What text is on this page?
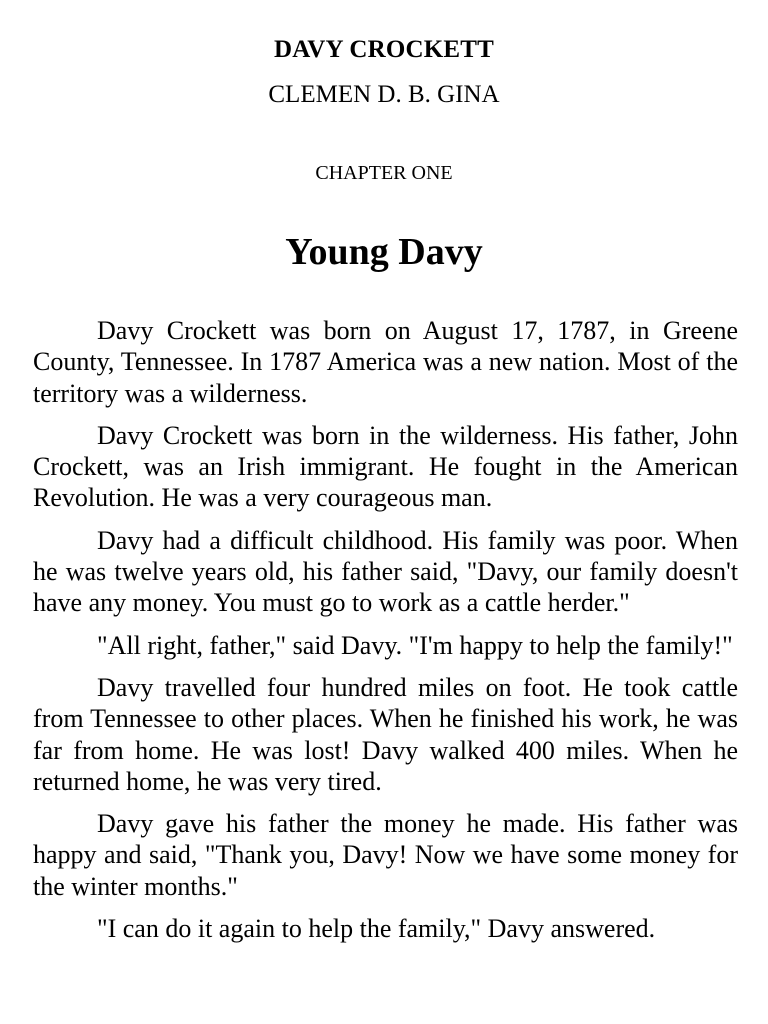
DAVY CROCKETT

CLEMEN D. B. GINA

CHAPTER ONE

Young Davy

Davy Crockett was born on August 17, 1787, in Greene County, Tennessee. In 1787 America was a new nation. Most of the territory was a wilderness.

Davy Crockett was born in the wilderness. His father, John Crockett, was an Irish immigrant. He fought in the American Revolution. He was a very courageous man.

Davy had a difficult childhood. His family was poor. When he was twelve years old, his father said, "Davy, our family doesn't have any money. You must go to work as a cattle herder."

"All right, father," said Davy. "I'm happy to help the family!"

Davy travelled four hundred miles on foot. He took cattle from Tennessee to other places. When he finished his work, he was far from home. He was lost! Davy walked 400 miles. When he returned home, he was very tired.

Davy gave his father the money he made. His father was happy and said, "Thank you, Davy! Now we have some money for the winter months."

"I can do it again to help the family," Davy answered.
